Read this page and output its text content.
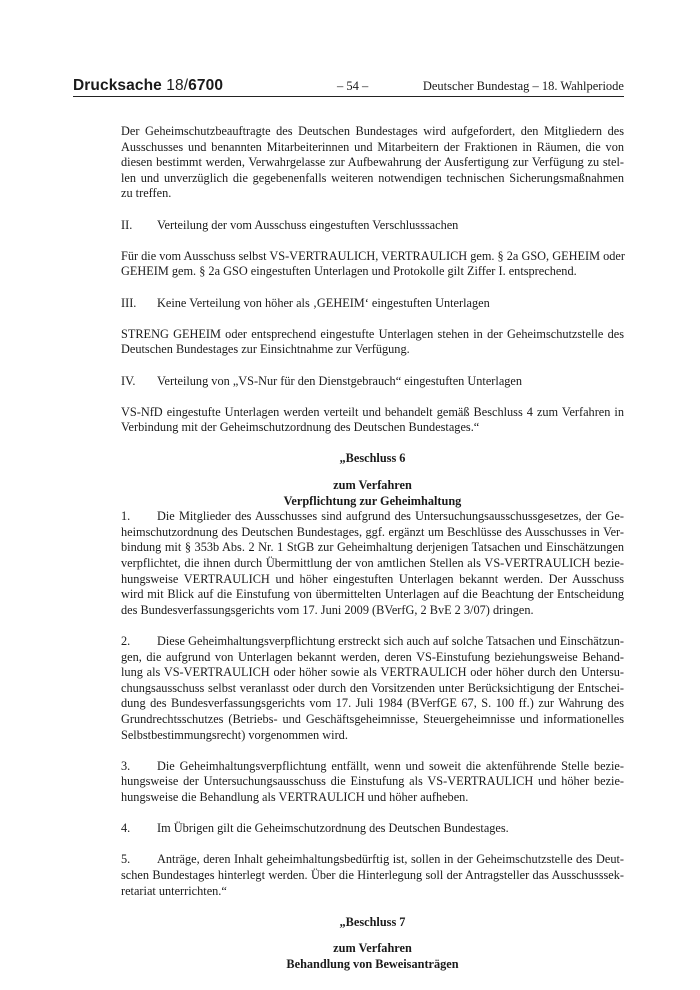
Drucksache 18/6700	– 54 –	Deutscher Bundestag – 18. Wahlperiode

Der Geheimschutzbeauftragte des Deutschen Bundestages wird aufgefordert, den Mitgliedern des
Ausschusses und benannten Mitarbeiterinnen und Mitarbeitern der Fraktionen in Räumen, die von
diesen bestimmt werden, Verwahrgelasse zur Aufbewahrung der Ausfertigung zur Verfügung zu stel-
len und unverzüglich die gegebenenfalls weiteren notwendigen technischen Sicherungsmaßnahmen
zu treffen.

II.	Verteilung der vom Ausschuss eingestuften Verschlusssachen

Für die vom Ausschuss selbst VS-VERTRAULICH, VERTRAULICH gem. § 2a GSO, GEHEIM oder
GEHEIM gem. § 2a GSO eingestuften Unterlagen und Protokolle gilt Ziffer I. entsprechend.

III.	Keine Verteilung von höher als ‚GEHEIM‘ eingestuften Unterlagen

STRENG GEHEIM oder entsprechend eingestufte Unterlagen stehen in der Geheimschutzstelle des
Deutschen Bundestages zur Einsichtnahme zur Verfügung.

IV.	Verteilung von „VS-Nur für den Dienstgebrauch“ eingestuften Unterlagen

VS-NfD eingestufte Unterlagen werden verteilt und behandelt gemäß Beschluss 4 zum Verfahren in
Verbindung mit der Geheimschutzordnung des Deutschen Bundestages.“

„Beschluss 6
zum Verfahren
Verpflichtung zur Geheimhaltung

1. Die Mitglieder des Ausschusses sind aufgrund des Untersuchungsausschussgesetzes, der Ge-
heimschutzordnung des Deutschen Bundestages, ggf. ergänzt um Beschlüsse des Ausschusses in Ver-
bindung mit § 353b Abs. 2 Nr. 1 StGB zur Geheimhaltung derjenigen Tatsachen und Einschätzungen
verpflichtet, die ihnen durch Übermittlung der von amtlichen Stellen als VS-VERTRAULICH bezie-
hungsweise VERTRAULICH und höher eingestuften Unterlagen bekannt werden. Der Ausschuss
wird mit Blick auf die Einstufung von übermittelten Unterlagen auf die Beachtung der Entscheidung
des Bundesverfassungsgerichts vom 17. Juni 2009 (BVerfG, 2 BvE 2 3/07) dringen.

2. Diese Geheimhaltungsverpflichtung erstreckt sich auch auf solche Tatsachen und Einschätzun-
gen, die aufgrund von Unterlagen bekannt werden, deren VS-Einstufung beziehungsweise Behand-
lung als VS-VERTRAULICH oder höher sowie als VERTRAULICH oder höher durch den Untersu-
chungsausschuss selbst veranlasst oder durch den Vorsitzenden unter Berücksichtigung der Entschei-
dung des Bundesverfassungsgerichts vom 17. Juli 1984 (BVerfGE 67, S. 100 ff.) zur Wahrung des
Grundrechtsschutzes (Betriebs- und Geschäftsgeheimnisse, Steuergeheimnisse und informationelles
Selbstbestimmungsrecht) vorgenommen wird.

3. Die Geheimhaltungsverpflichtung entfällt, wenn und soweit die aktenführende Stelle bezie-
hungsweise der Untersuchungsausschuss die Einstufung als VS-VERTRAULICH und höher bezie-
hungsweise die Behandlung als VERTRAULICH und höher aufheben.

4. Im Übrigen gilt die Geheimschutzordnung des Deutschen Bundestages.

5. Anträge, deren Inhalt geheimhaltungsbedürftig ist, sollen in der Geheimschutzstelle des Deut-
schen Bundestages hinterlegt werden. Über die Hinterlegung soll der Antragsteller das Ausschusssek-
retariat unterrichten.“

„Beschluss 7
zum Verfahren
Behandlung von Beweisanträgen
